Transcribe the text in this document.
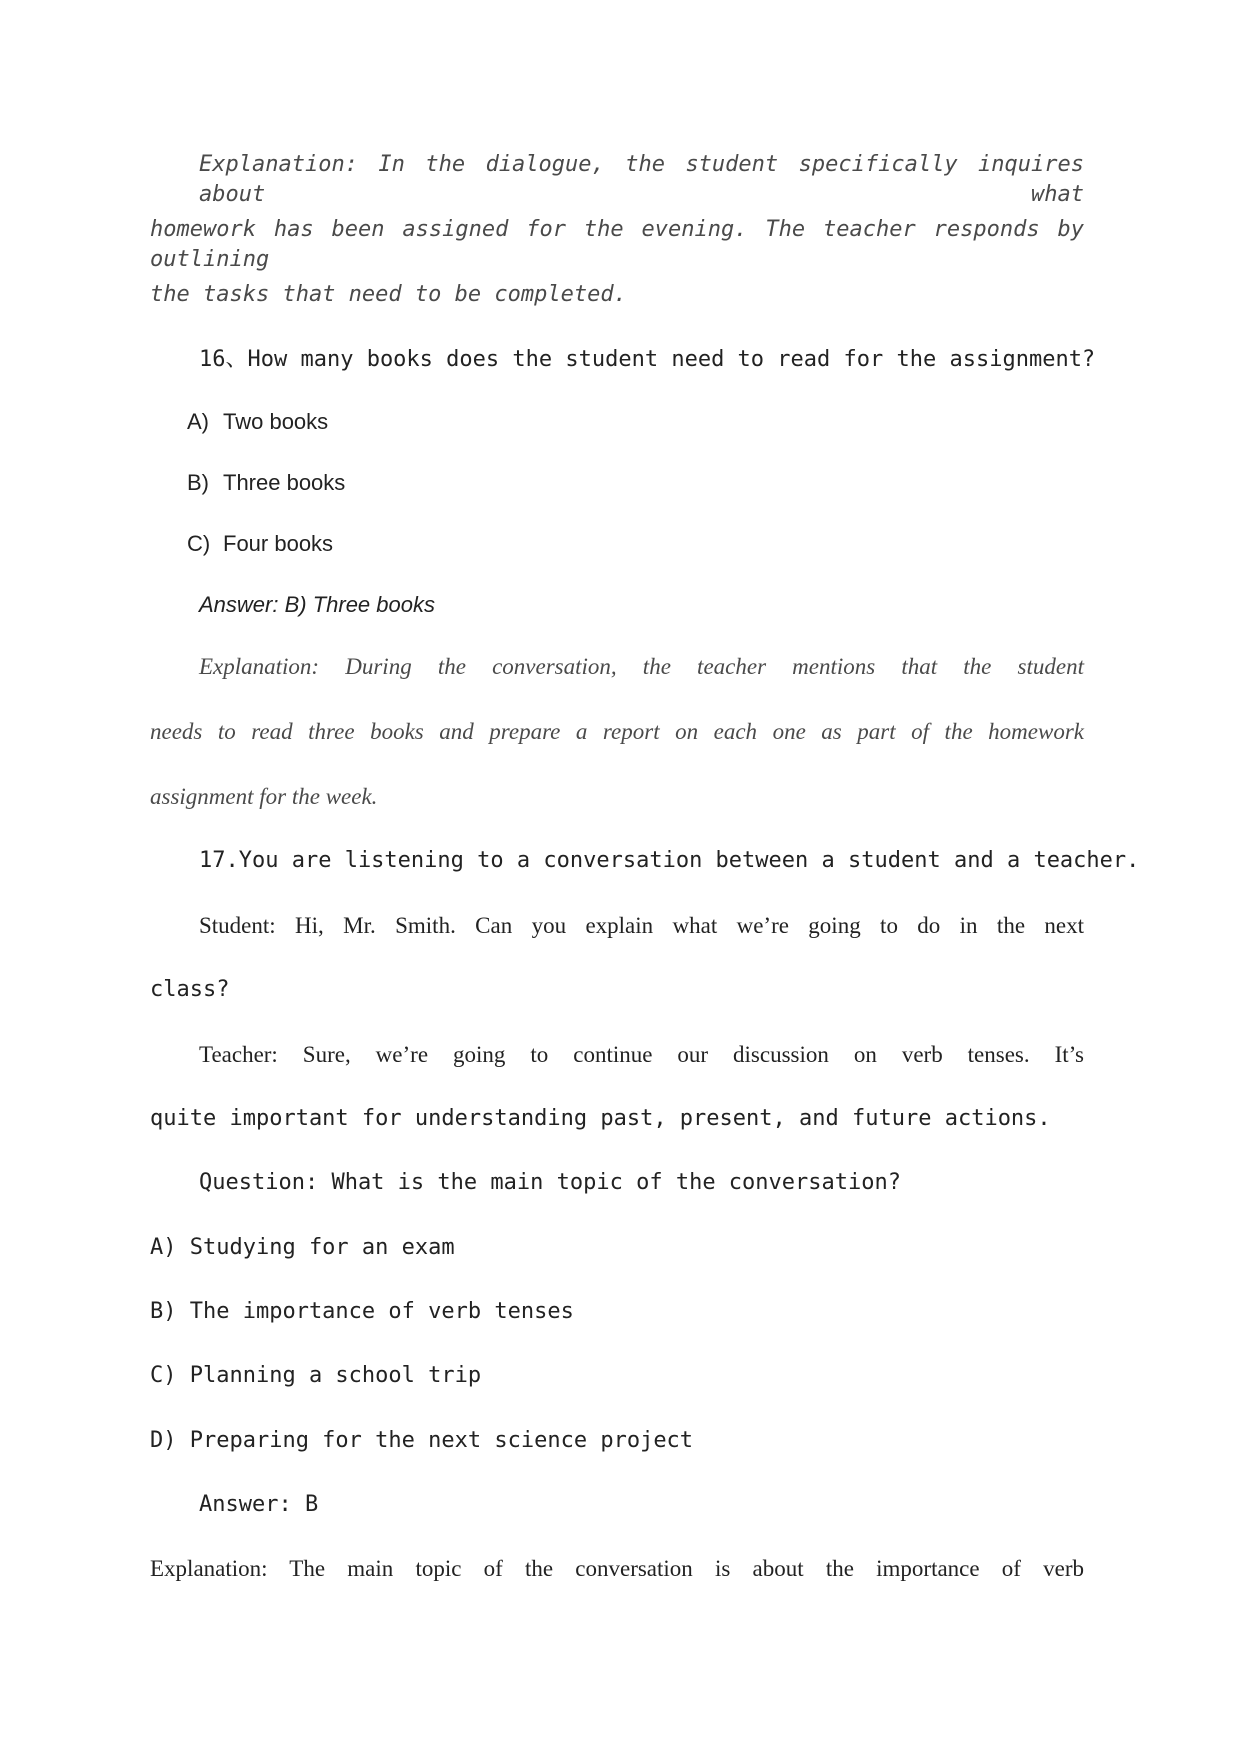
Explanation: In the dialogue, the student specifically inquires about what
homework has been assigned for the evening. The teacher responds by outlining
the tasks that need to be completed.
16、How many books does the student need to read for the assignment?
A) Two books
B) Three books
C) Four books
Answer: B) Three books
Explanation: During the conversation, the teacher mentions that the student
needs to read three books and prepare a report on each one as part of the homework
assignment for the week.
17.You are listening to a conversation between a student and a teacher.
Student: Hi, Mr. Smith. Can you explain what we’re going to do in the next
class?
Teacher: Sure, we’re going to continue our discussion on verb tenses. It’s
quite important for understanding past, present, and future actions.
Question: What is the main topic of the conversation?
A) Studying for an exam
B) The importance of verb tenses
C) Planning a school trip
D) Preparing for the next science project
Answer: B
Explanation: The main topic of the conversation is about the importance of verb
